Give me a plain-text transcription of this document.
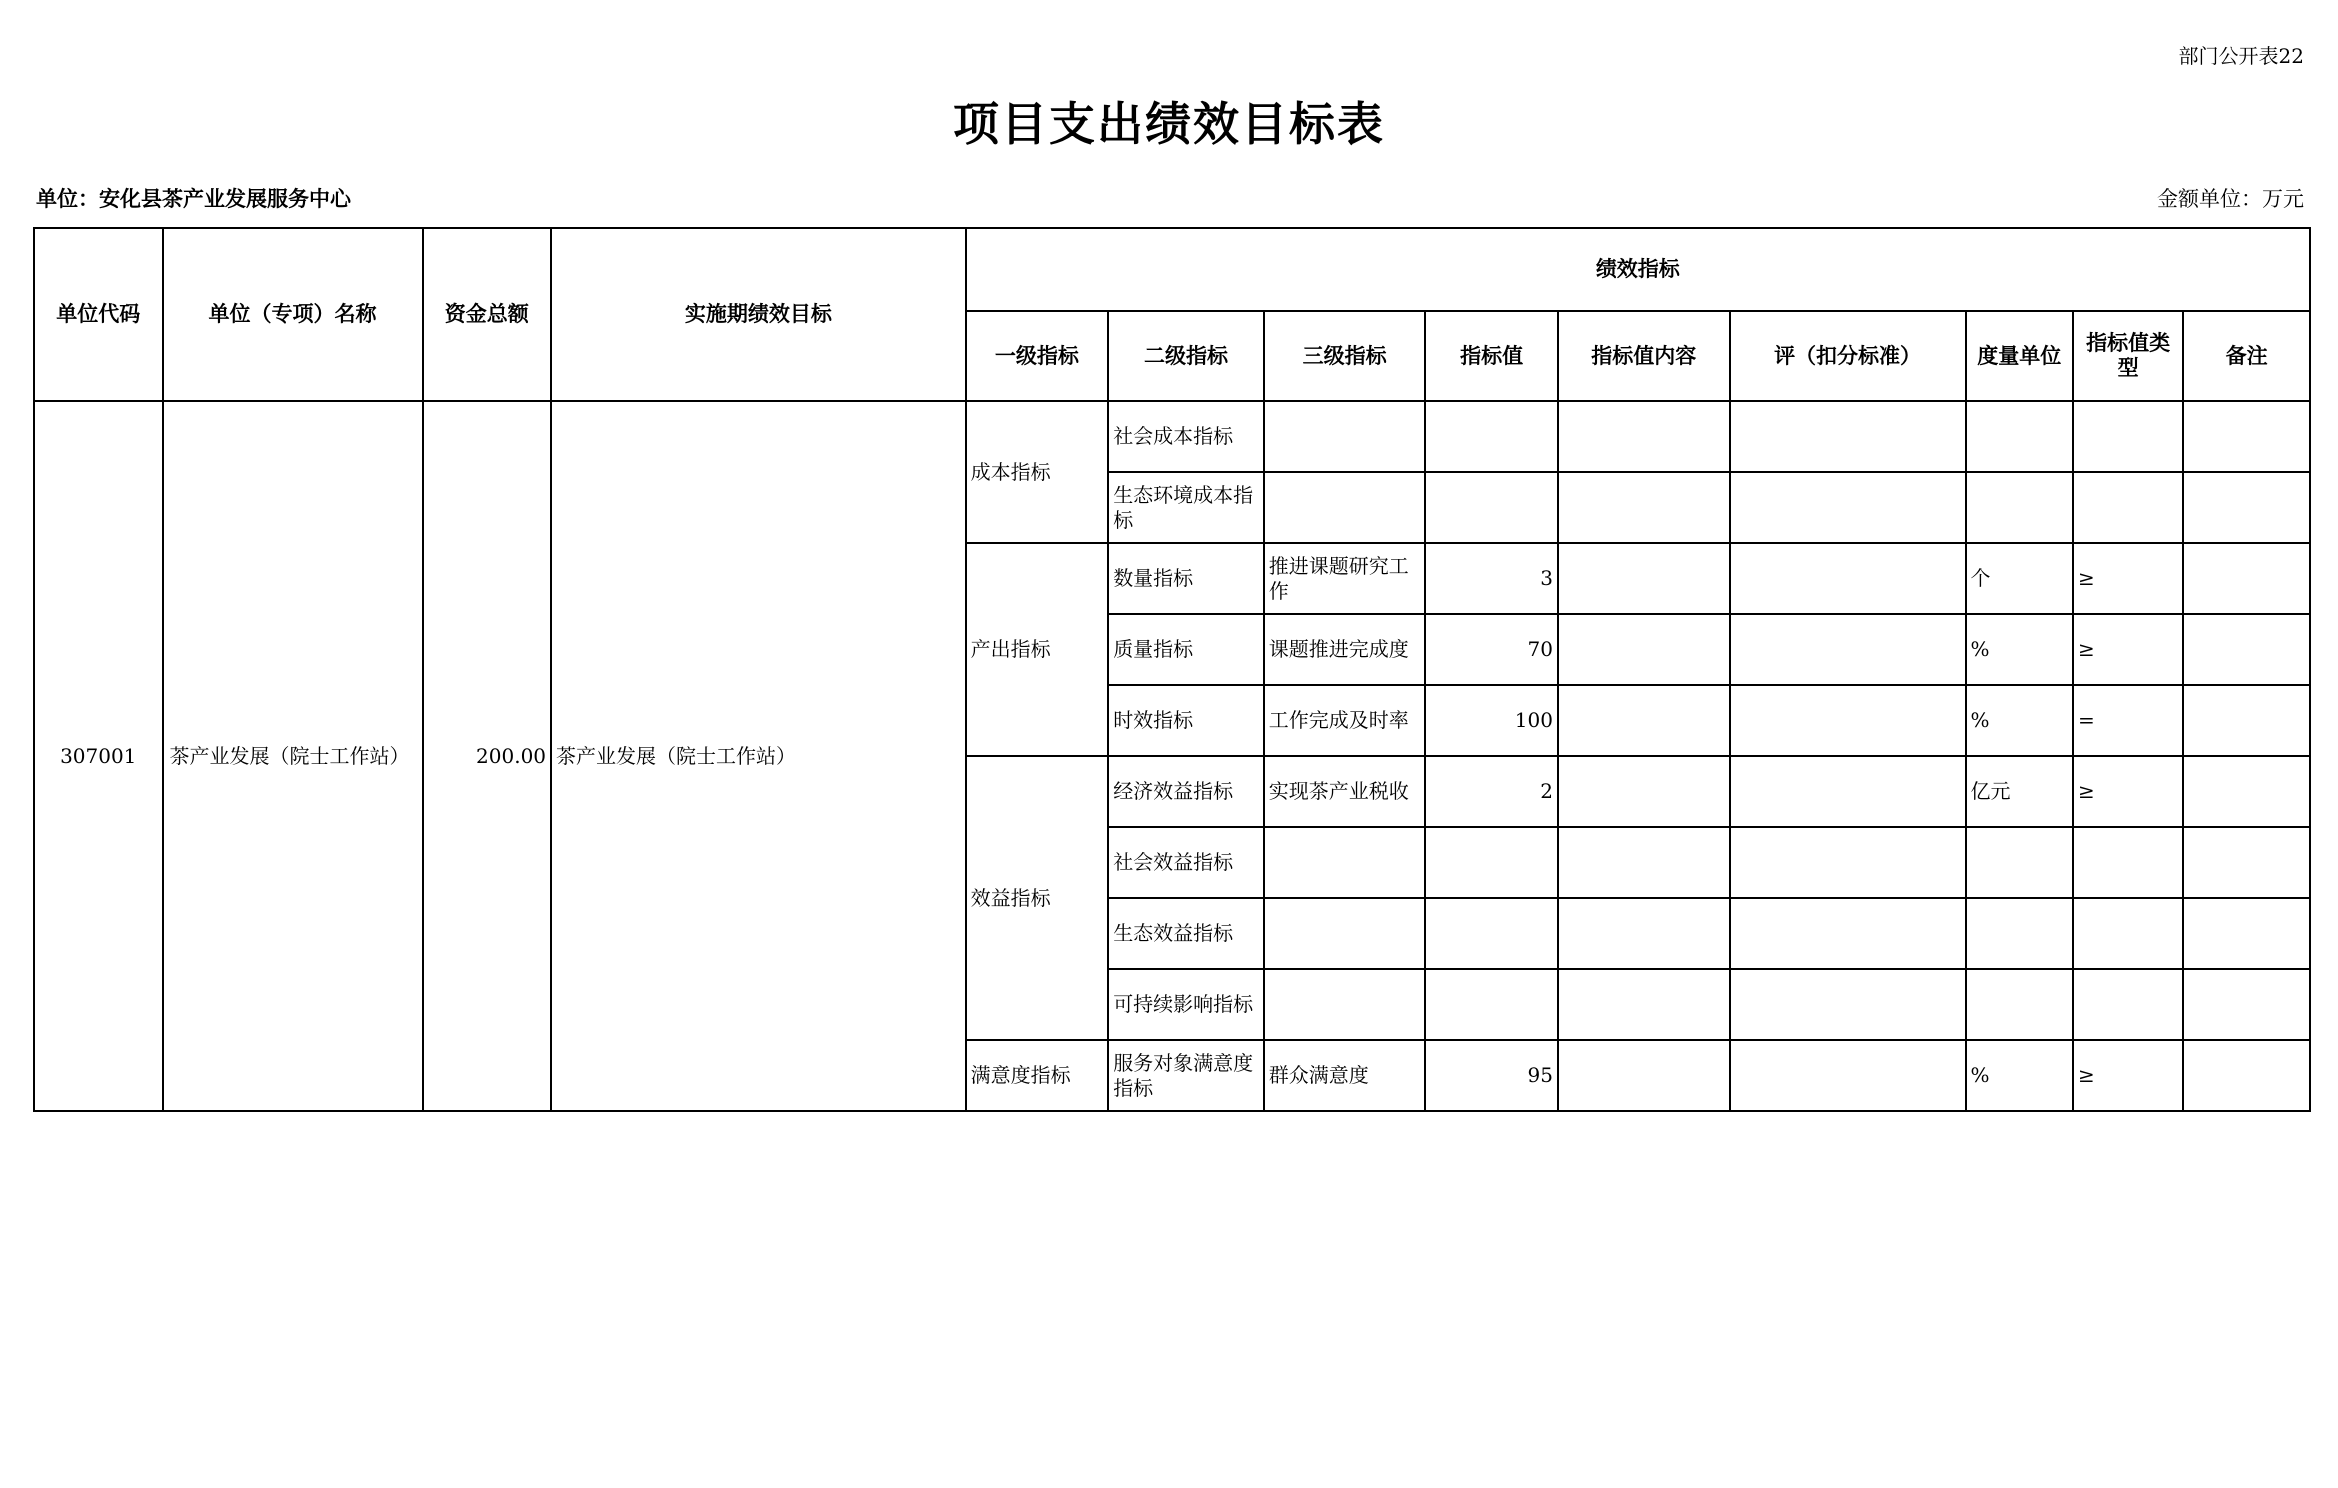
部门公开表22
项目支出绩效目标表
单位：安化县茶产业发展服务中心	金额单位：万元
单位代码	单位（专项）名称	资金总额	实施期绩效目标	绩效指标								
				一级指标	二级指标	三级指标	指标值	指标值内容	评（扣分标准）	度量单位	指标值类型	备注
307001	茶产业发展（院士工作站）	200.00	茶产业发展（院士工作站）	成本指标	社会成本指标							
					生态环境成本指标							
				产出指标	数量指标	推进课题研究工作	3			个	≥	
					质量指标	课题推进完成度	70			%	≥	
					时效指标	工作完成及时率	100			%	=	
				效益指标	经济效益指标	实现茶产业税收	2			亿元	≥	
					社会效益指标							
					生态效益指标							
					可持续影响指标							
				满意度指标	服务对象满意度指标	群众满意度	95			%	≥	
